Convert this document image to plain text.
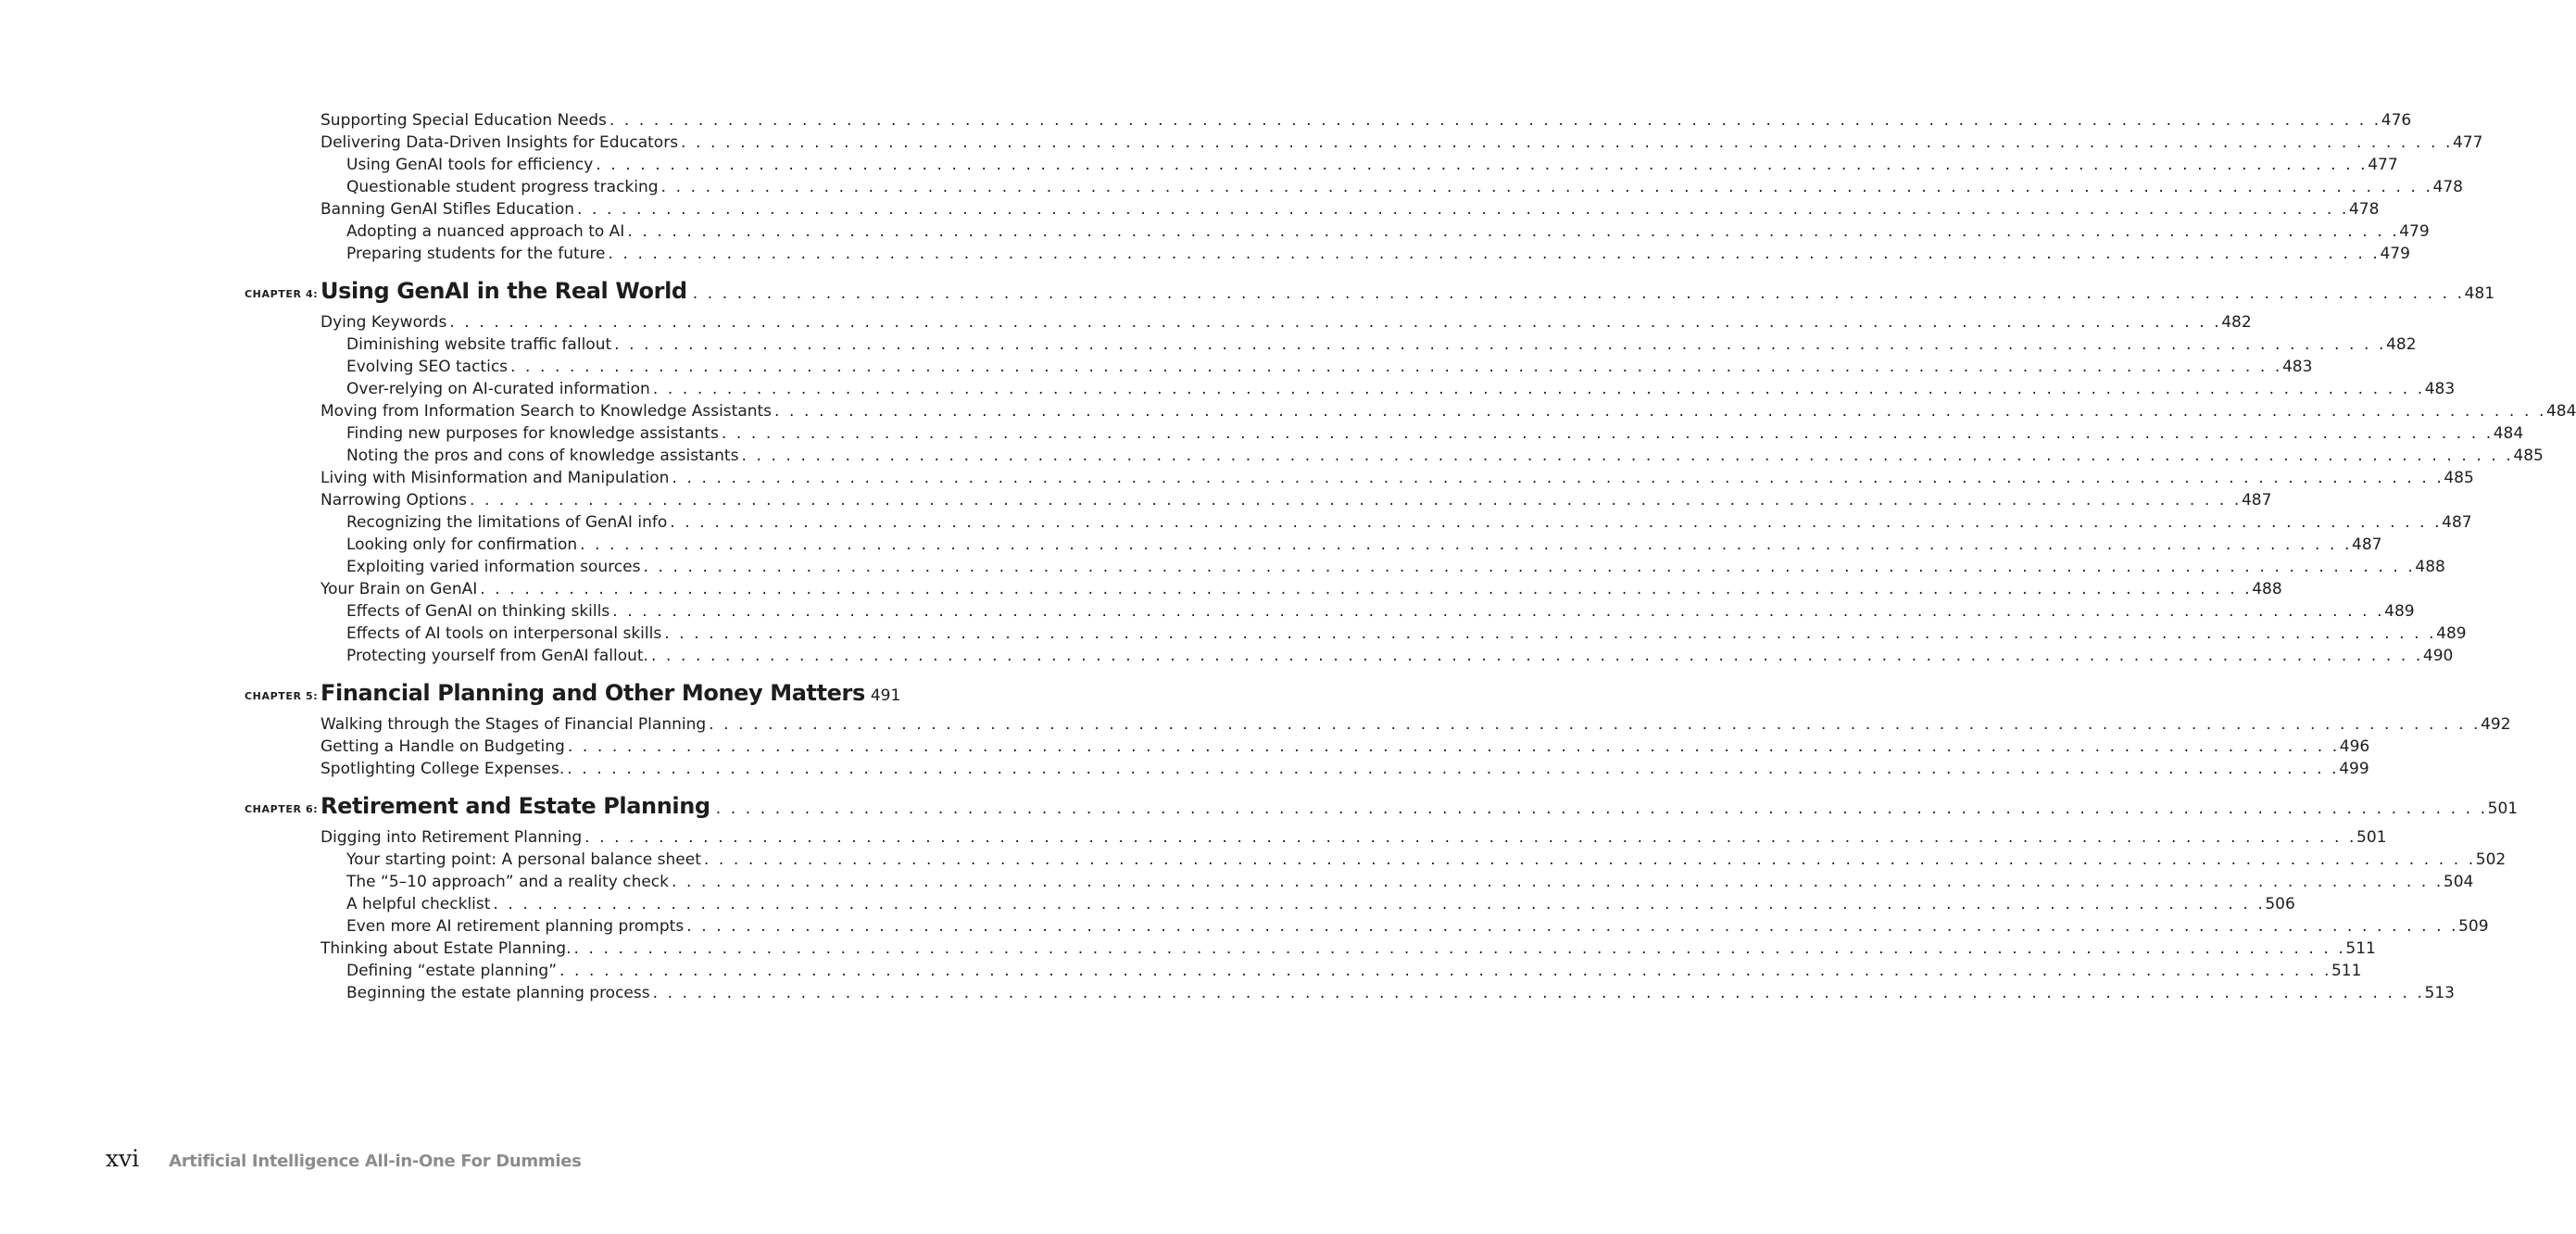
Supporting Special Education Needs . . . . . . . . . . . . . . . . . . . . . . . . . . . . . . . . . . . . . . . . . . . . . . . . . . . . . . . . . . . . . . . . . . . . . . . . . . . . . . . . . . . . . . . . . . . . . . . . . . . . . . . . . . . . . . . . . . . . . . . . 476
Delivering Data-Driven Insights for Educators . . . . . . . . . . . . . . . . . . . . . . . . . . . . . . . . . . . . . . . . . . . . . . . . . . . . . . . . . . . . . . . . . . . . . . . . . . . . . . . . . . . . . . . . . . . . . . . . . . . . . . . . . . . . . . . . . . . . . . . . 477
Using GenAI tools for efficiency . . . . . . . . . . . . . . . . . . . . . . . . . . . . . . . . . . . . . . . . . . . . . . . . . . . . . . . . . . . . . . . . . . . . . . . . . . . . . . . . . . . . . . . . . . . . . . . . . . . . . . . . . . . . . . . . . . . . . . . . 477
Questionable student progress tracking . . . . . . . . . . . . . . . . . . . . . . . . . . . . . . . . . . . . . . . . . . . . . . . . . . . . . . . . . . . . . . . . . . . . . . . . . . . . . . . . . . . . . . . . . . . . . . . . . . . . . . . . . . . . . . . . . . . . . . . . 478
Banning GenAI Stifles Education . . . . . . . . . . . . . . . . . . . . . . . . . . . . . . . . . . . . . . . . . . . . . . . . . . . . . . . . . . . . . . . . . . . . . . . . . . . . . . . . . . . . . . . . . . . . . . . . . . . . . . . . . . . . . . . . . . . . . . . . 478
Adopting a nuanced approach to AI . . . . . . . . . . . . . . . . . . . . . . . . . . . . . . . . . . . . . . . . . . . . . . . . . . . . . . . . . . . . . . . . . . . . . . . . . . . . . . . . . . . . . . . . . . . . . . . . . . . . . . . . . . . . . . . . . . . . . . . . 479
Preparing students for the future . . . . . . . . . . . . . . . . . . . . . . . . . . . . . . . . . . . . . . . . . . . . . . . . . . . . . . . . . . . . . . . . . . . . . . . . . . . . . . . . . . . . . . . . . . . . . . . . . . . . . . . . . . . . . . . . . . . . . . . . 479
CHAPTER 4: Using GenAI in the Real World . . . . . . . . . . . . . . . . . . . . . . . . . . . . . . . . . . . . . . . . . . . . . . . . . . . . . . . . . . . . . . . . . . . . . . . . . . . . . . . . . . . . . . . . . . . . . . . . . . . . . . . . . . . . . . . . . . . . . . . . 481
Dying Keywords . . . . . . . . . . . . . . . . . . . . . . . . . . . . . . . . . . . . . . . . . . . . . . . . . . . . . . . . . . . . . . . . . . . . . . . . . . . . . . . . . . . . . . . . . . . . . . . . . . . . . . . . . . . . . . . . . . . . . . . . 482
Diminishing website traffic fallout . . . . . . . . . . . . . . . . . . . . . . . . . . . . . . . . . . . . . . . . . . . . . . . . . . . . . . . . . . . . . . . . . . . . . . . . . . . . . . . . . . . . . . . . . . . . . . . . . . . . . . . . . . . . . . . . . . . . . . . . 482
Evolving SEO tactics . . . . . . . . . . . . . . . . . . . . . . . . . . . . . . . . . . . . . . . . . . . . . . . . . . . . . . . . . . . . . . . . . . . . . . . . . . . . . . . . . . . . . . . . . . . . . . . . . . . . . . . . . . . . . . . . . . . . . . . . 483
Over-relying on AI-curated information . . . . . . . . . . . . . . . . . . . . . . . . . . . . . . . . . . . . . . . . . . . . . . . . . . . . . . . . . . . . . . . . . . . . . . . . . . . . . . . . . . . . . . . . . . . . . . . . . . . . . . . . . . . . . . . . . . . . . . . . 483
Moving from Information Search to Knowledge Assistants . . . . . . . . . . . . . . . . . . . . . . . . . . . . . . . . . . . . . . . . . . . . . . . . . . . . . . . . . . . . . . . . . . . . . . . . . . . . . . . . . . . . . . . . . . . . . . . . . . . . . . . . . . . . . . . . . . . . . . . . 484
Finding new purposes for knowledge assistants . . . . . . . . . . . . . . . . . . . . . . . . . . . . . . . . . . . . . . . . . . . . . . . . . . . . . . . . . . . . . . . . . . . . . . . . . . . . . . . . . . . . . . . . . . . . . . . . . . . . . . . . . . . . . . . . . . . . . . . . 484
Noting the pros and cons of knowledge assistants . . . . . . . . . . . . . . . . . . . . . . . . . . . . . . . . . . . . . . . . . . . . . . . . . . . . . . . . . . . . . . . . . . . . . . . . . . . . . . . . . . . . . . . . . . . . . . . . . . . . . . . . . . . . . . . . . . . . . . . . 485
Living with Misinformation and Manipulation . . . . . . . . . . . . . . . . . . . . . . . . . . . . . . . . . . . . . . . . . . . . . . . . . . . . . . . . . . . . . . . . . . . . . . . . . . . . . . . . . . . . . . . . . . . . . . . . . . . . . . . . . . . . . . . . . . . . . . . . 485
Narrowing Options . . . . . . . . . . . . . . . . . . . . . . . . . . . . . . . . . . . . . . . . . . . . . . . . . . . . . . . . . . . . . . . . . . . . . . . . . . . . . . . . . . . . . . . . . . . . . . . . . . . . . . . . . . . . . . . . . . . . . . . . 487
Recognizing the limitations of GenAI info . . . . . . . . . . . . . . . . . . . . . . . . . . . . . . . . . . . . . . . . . . . . . . . . . . . . . . . . . . . . . . . . . . . . . . . . . . . . . . . . . . . . . . . . . . . . . . . . . . . . . . . . . . . . . . . . . . . . . . . . 487
Looking only for confirmation . . . . . . . . . . . . . . . . . . . . . . . . . . . . . . . . . . . . . . . . . . . . . . . . . . . . . . . . . . . . . . . . . . . . . . . . . . . . . . . . . . . . . . . . . . . . . . . . . . . . . . . . . . . . . . . . . . . . . . . . 487
Exploiting varied information sources . . . . . . . . . . . . . . . . . . . . . . . . . . . . . . . . . . . . . . . . . . . . . . . . . . . . . . . . . . . . . . . . . . . . . . . . . . . . . . . . . . . . . . . . . . . . . . . . . . . . . . . . . . . . . . . . . . . . . . . . 488
Your Brain on GenAI . . . . . . . . . . . . . . . . . . . . . . . . . . . . . . . . . . . . . . . . . . . . . . . . . . . . . . . . . . . . . . . . . . . . . . . . . . . . . . . . . . . . . . . . . . . . . . . . . . . . . . . . . . . . . . . . . . . . . . . . 488
Effects of GenAI on thinking skills . . . . . . . . . . . . . . . . . . . . . . . . . . . . . . . . . . . . . . . . . . . . . . . . . . . . . . . . . . . . . . . . . . . . . . . . . . . . . . . . . . . . . . . . . . . . . . . . . . . . . . . . . . . . . . . . . . . . . . . . 489
Effects of AI tools on interpersonal skills . . . . . . . . . . . . . . . . . . . . . . . . . . . . . . . . . . . . . . . . . . . . . . . . . . . . . . . . . . . . . . . . . . . . . . . . . . . . . . . . . . . . . . . . . . . . . . . . . . . . . . . . . . . . . . . . . . . . . . . . 489
Protecting yourself from GenAI fallout. . . . . . . . . . . . . . . . . . . . . . . . . . . . . . . . . . . . . . . . . . . . . . . . . . . . . . . . . . . . . . . . . . . . . . . . . . . . . . . . . . . . . . . . . . . . . . . . . . . . . . . . . . . . . . . . . . . . . . . . . 490
CHAPTER 5: Financial Planning and Other Money Matters 491
Walking through the Stages of Financial Planning . . . . . . . . . . . . . . . . . . . . . . . . . . . . . . . . . . . . . . . . . . . . . . . . . . . . . . . . . . . . . . . . . . . . . . . . . . . . . . . . . . . . . . . . . . . . . . . . . . . . . . . . . . . . . . . . . . . . . . . . 492
Getting a Handle on Budgeting . . . . . . . . . . . . . . . . . . . . . . . . . . . . . . . . . . . . . . . . . . . . . . . . . . . . . . . . . . . . . . . . . . . . . . . . . . . . . . . . . . . . . . . . . . . . . . . . . . . . . . . . . . . . . . . . . . . . . . . . 496
Spotlighting College Expenses. . . . . . . . . . . . . . . . . . . . . . . . . . . . . . . . . . . . . . . . . . . . . . . . . . . . . . . . . . . . . . . . . . . . . . . . . . . . . . . . . . . . . . . . . . . . . . . . . . . . . . . . . . . . . . . . . . . . . . . . . 499
CHAPTER 6: Retirement and Estate Planning . . . . . . . . . . . . . . . . . . . . . . . . . . . . . . . . . . . . . . . . . . . . . . . . . . . . . . . . . . . . . . . . . . . . . . . . . . . . . . . . . . . . . . . . . . . . . . . . . . . . . . . . . . . . . . . . . . . . . . . . 501
Digging into Retirement Planning . . . . . . . . . . . . . . . . . . . . . . . . . . . . . . . . . . . . . . . . . . . . . . . . . . . . . . . . . . . . . . . . . . . . . . . . . . . . . . . . . . . . . . . . . . . . . . . . . . . . . . . . . . . . . . . . . . . . . . . . 501
Your starting point: A personal balance sheet . . . . . . . . . . . . . . . . . . . . . . . . . . . . . . . . . . . . . . . . . . . . . . . . . . . . . . . . . . . . . . . . . . . . . . . . . . . . . . . . . . . . . . . . . . . . . . . . . . . . . . . . . . . . . . . . . . . . . . . . 502
The “5–10 approach” and a reality check . . . . . . . . . . . . . . . . . . . . . . . . . . . . . . . . . . . . . . . . . . . . . . . . . . . . . . . . . . . . . . . . . . . . . . . . . . . . . . . . . . . . . . . . . . . . . . . . . . . . . . . . . . . . . . . . . . . . . . . . 504
A helpful checklist . . . . . . . . . . . . . . . . . . . . . . . . . . . . . . . . . . . . . . . . . . . . . . . . . . . . . . . . . . . . . . . . . . . . . . . . . . . . . . . . . . . . . . . . . . . . . . . . . . . . . . . . . . . . . . . . . . . . . . . . 506
Even more AI retirement planning prompts . . . . . . . . . . . . . . . . . . . . . . . . . . . . . . . . . . . . . . . . . . . . . . . . . . . . . . . . . . . . . . . . . . . . . . . . . . . . . . . . . . . . . . . . . . . . . . . . . . . . . . . . . . . . . . . . . . . . . . . . 509
Thinking about Estate Planning. . . . . . . . . . . . . . . . . . . . . . . . . . . . . . . . . . . . . . . . . . . . . . . . . . . . . . . . . . . . . . . . . . . . . . . . . . . . . . . . . . . . . . . . . . . . . . . . . . . . . . . . . . . . . . . . . . . . . . . . . 511
Defining “estate planning” . . . . . . . . . . . . . . . . . . . . . . . . . . . . . . . . . . . . . . . . . . . . . . . . . . . . . . . . . . . . . . . . . . . . . . . . . . . . . . . . . . . . . . . . . . . . . . . . . . . . . . . . . . . . . . . . . . . . . . . . 511
Beginning the estate planning process . . . . . . . . . . . . . . . . . . . . . . . . . . . . . . . . . . . . . . . . . . . . . . . . . . . . . . . . . . . . . . . . . . . . . . . . . . . . . . . . . . . . . . . . . . . . . . . . . . . . . . . . . . . . . . . . . . . . . . . . 513
xvi Artificial Intelligence All-in-One For Dummies
